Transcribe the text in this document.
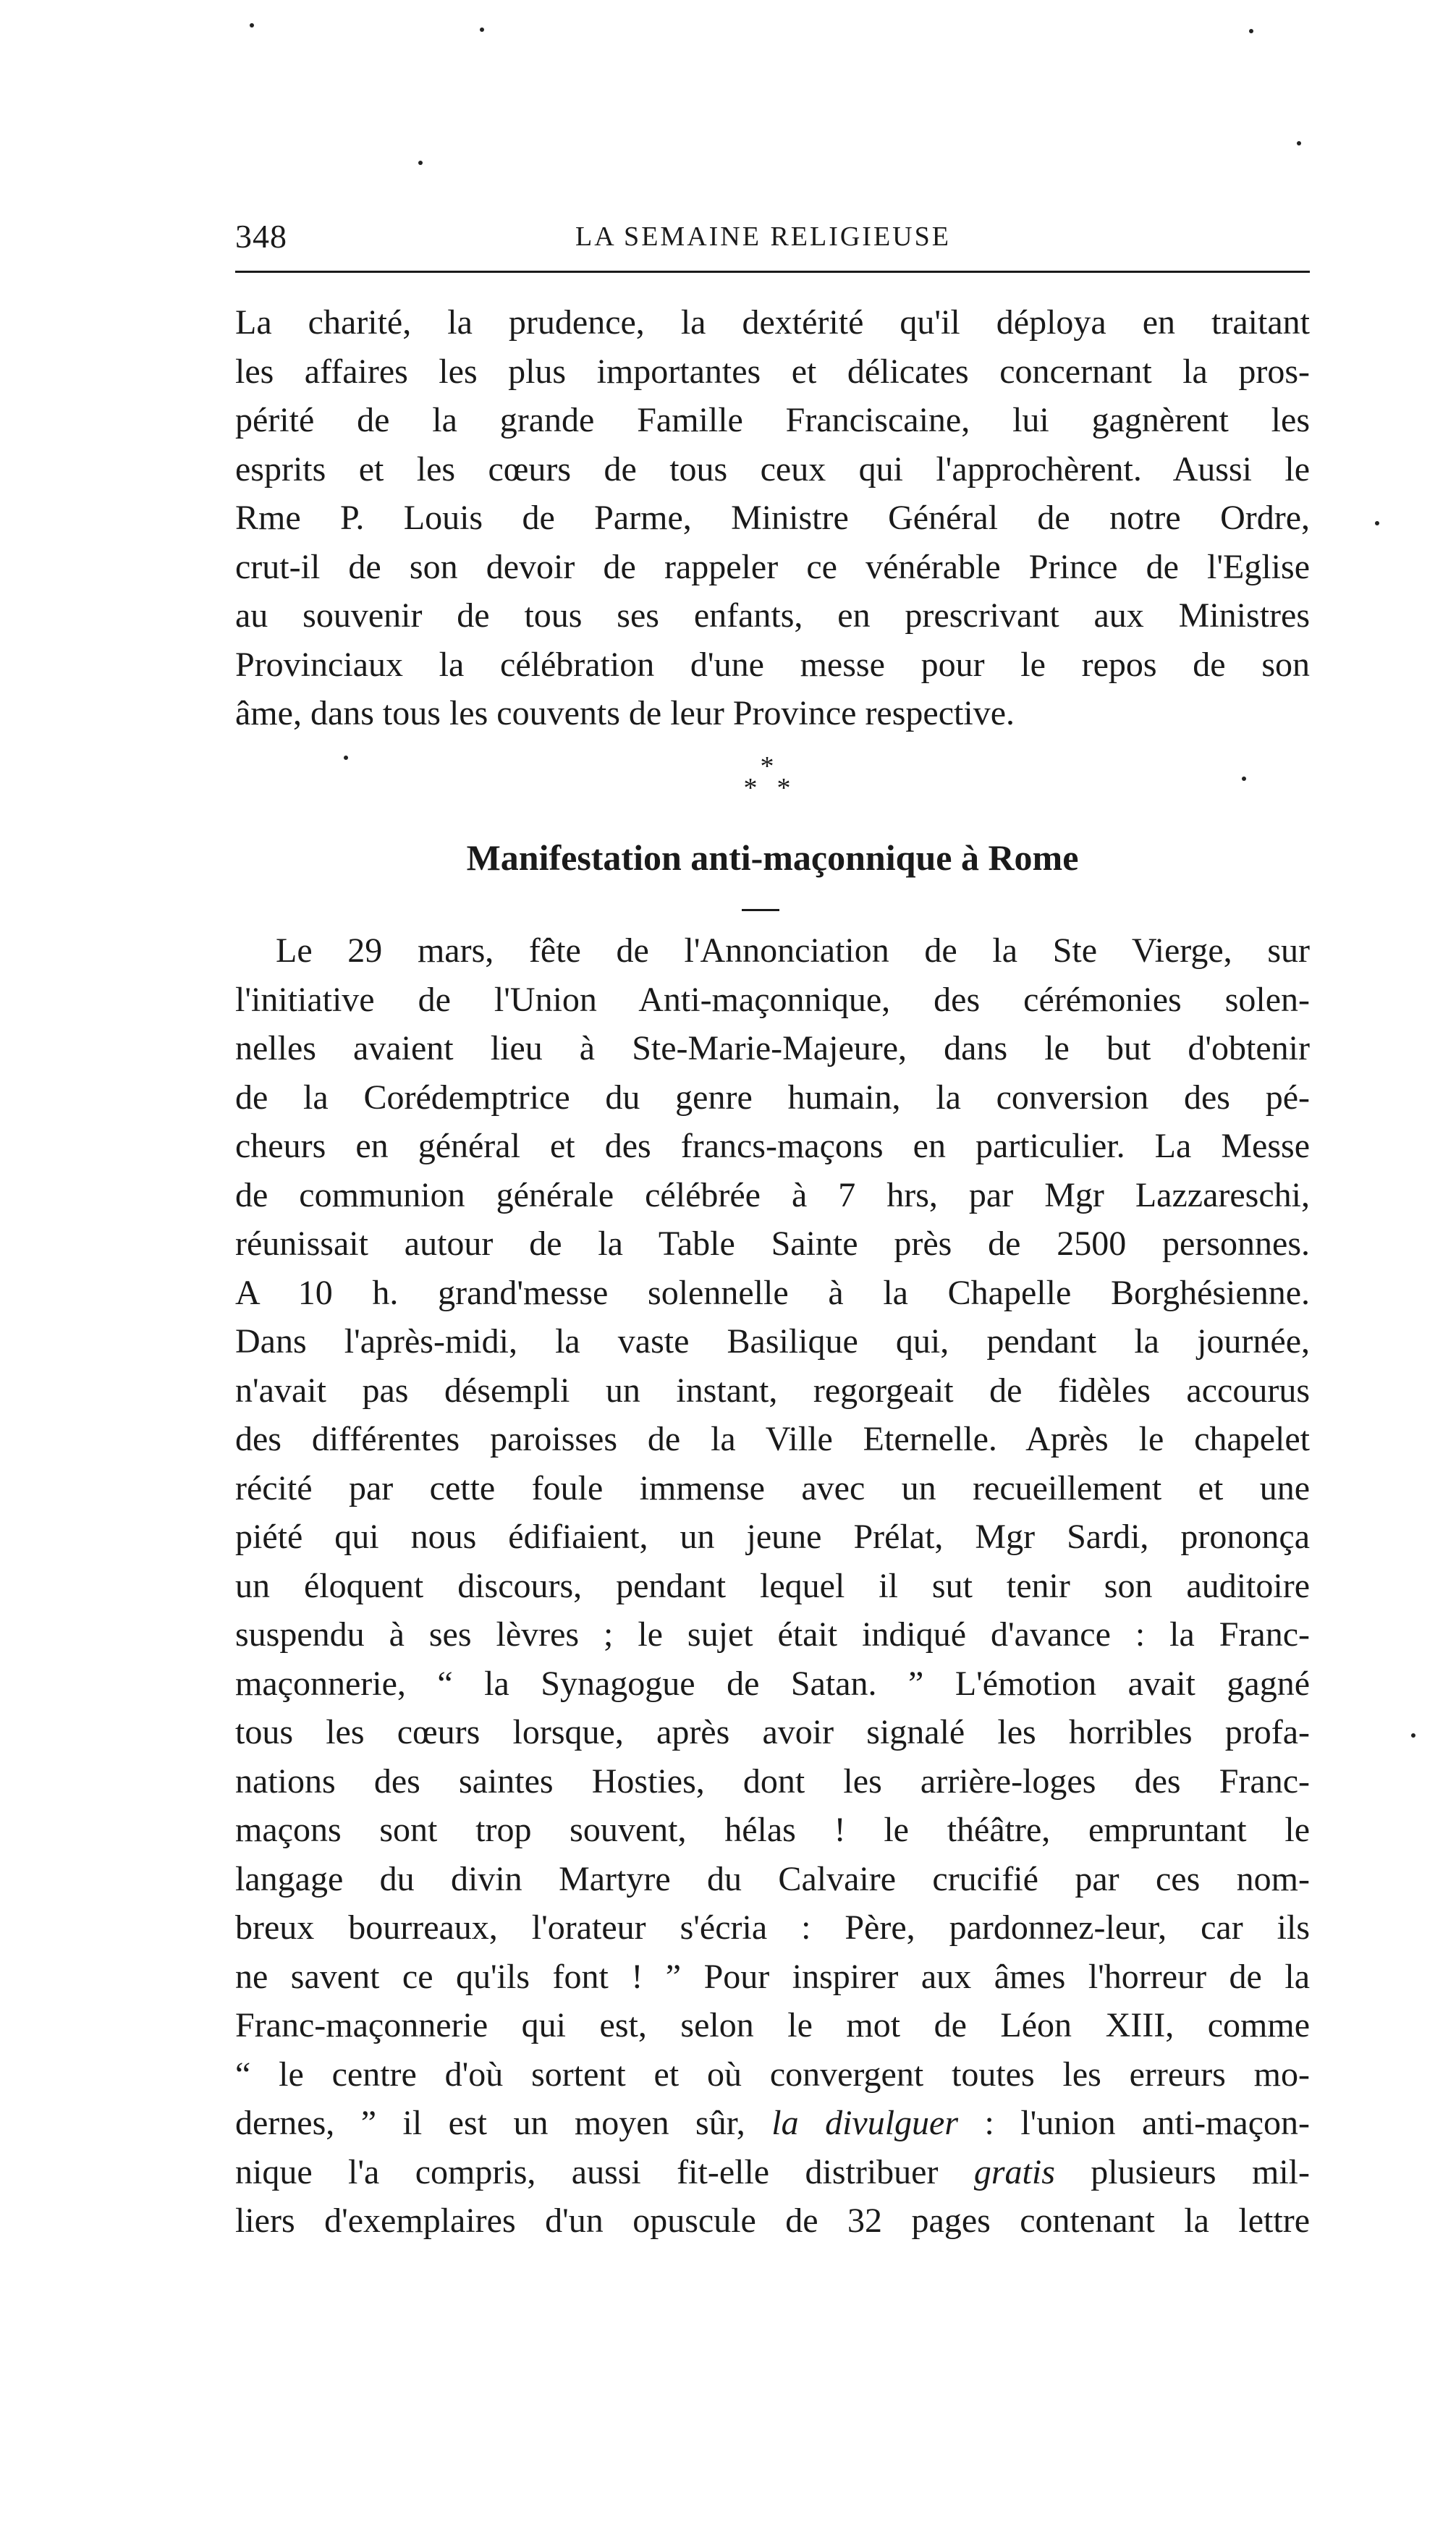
348	LA SEMAINE RELIGIEUSE
La charité, la prudence, la dextérité qu'il déploya en traitant
les affaires les plus importantes et délicates concernant la pros-
périté de la grande Famille Franciscaine, lui gagnèrent les
esprits et les cœurs de tous ceux qui l'approchèrent. Aussi le
Rme P. Louis de Parme, Ministre Général de notre Ordre,
crut-il de son devoir de rappeler ce vénérable Prince de l'Eglise
au souvenir de tous ses enfants, en prescrivant aux Ministres
Provinciaux la célébration d'une messe pour le repos de son
âme, dans tous les couvents de leur Province respective.
*
* *
Manifestation anti-maçonnique à Rome
Le 29 mars, fête de l'Annonciation de la Ste Vierge, sur
l'initiative de l'Union Anti-maçonnique, des cérémonies solen-
nelles avaient lieu à Ste-Marie-Majeure, dans le but d'obtenir
de la Corédemptrice du genre humain, la conversion des pé-
cheurs en général et des francs-maçons en particulier. La Messe
de communion générale célébrée à 7 hrs, par Mgr Lazzareschi,
réunissait autour de la Table Sainte près de 2500 personnes.
A 10 h. grand'messe solennelle à la Chapelle Borghésienne.
Dans l'après-midi, la vaste Basilique qui, pendant la journée,
n'avait pas désempli un instant, regorgeait de fidèles accourus
des différentes paroisses de la Ville Eternelle. Après le chapelet
récité par cette foule immense avec un recueillement et une
piété qui nous édifiaient, un jeune Prélat, Mgr Sardi, prononça
un éloquent discours, pendant lequel il sut tenir son auditoire
suspendu à ses lèvres ; le sujet était indiqué d'avance : la Franc-
maçonnerie, “ la Synagogue de Satan. ” L'émotion avait gagné
tous les cœurs lorsque, après avoir signalé les horribles profa-
nations des saintes Hosties, dont les arrière-loges des Franc-
maçons sont trop souvent, hélas ! le théâtre, empruntant le
langage du divin Martyre du Calvaire crucifié par ces nom-
breux bourreaux, l'orateur s'écria : Père, pardonnez-leur, car ils
ne savent ce qu'ils font ! ” Pour inspirer aux âmes l'horreur de la
Franc-maçonnerie qui est, selon le mot de Léon XIII, comme
“ le centre d'où sortent et où convergent toutes les erreurs mo-
dernes, ” il est un moyen sûr, la divulguer : l'union anti-maçon-
nique l'a compris, aussi fit-elle distribuer gratis plusieurs mil-
liers d'exemplaires d'un opuscule de 32 pages contenant la lettre
